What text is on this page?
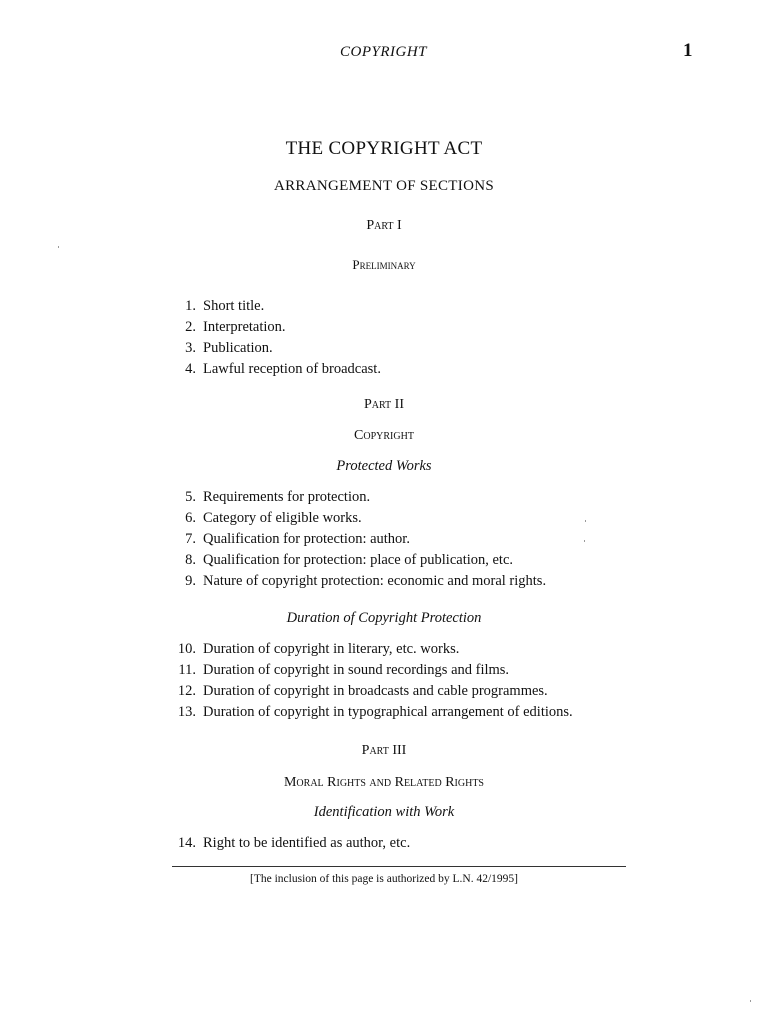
COPYRIGHT	1
THE COPYRIGHT ACT
ARRANGEMENT OF SECTIONS
Part I
Preliminary
1. Short title.
2. Interpretation.
3. Publication.
4. Lawful reception of broadcast.
Part II
Copyright
Protected Works
5. Requirements for protection.
6. Category of eligible works.
7. Qualification for protection: author.
8. Qualification for protection: place of publication, etc.
9. Nature of copyright protection: economic and moral rights.
Duration of Copyright Protection
10. Duration of copyright in literary, etc. works.
11. Duration of copyright in sound recordings and films.
12. Duration of copyright in broadcasts and cable programmes.
13. Duration of copyright in typographical arrangement of editions.
Part III
Moral Rights and Related Rights
Identification with Work
14. Right to be identified as author, etc.
[The inclusion of this page is authorized by L.N. 42/1995]
